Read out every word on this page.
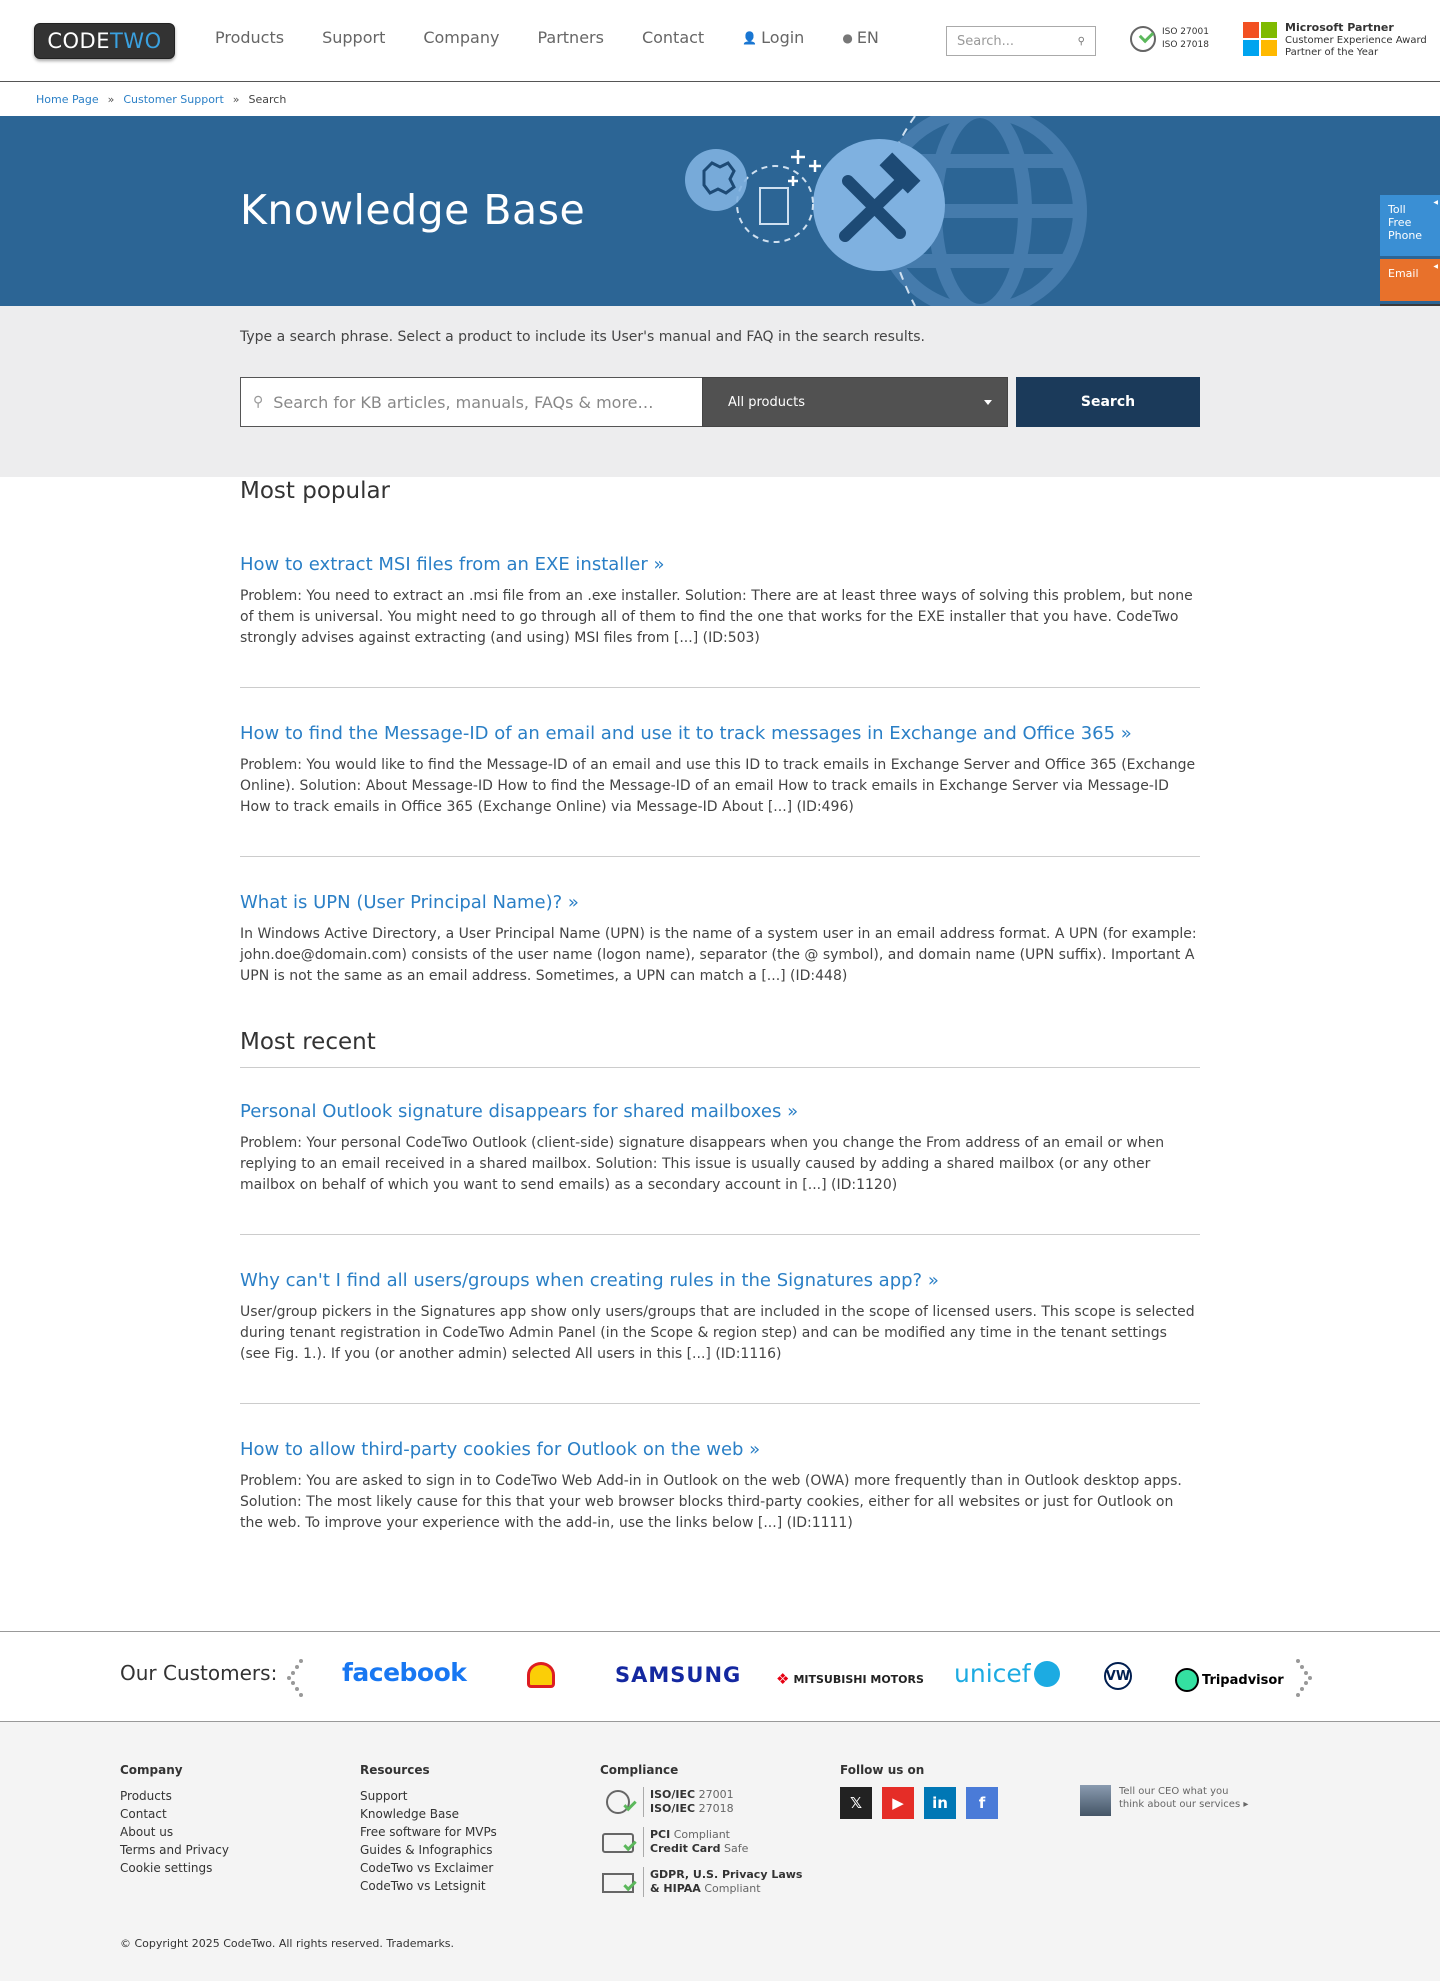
CODE TWO	Products Support Company Partners Contact	👤 Login	● EN	Search...	⚲
ISO 27001
ISO 27018
Microsoft Partner
Customer Experience Award
Partner of the Year
Home Page » Customer Support » Search
Knowledge Base	◀
Toll Free Phone
◀
Email
Type a search phrase. Select a product to include its User's manual and FAQ in the search results.
⚲ Search for KB articles, manuals, FAQs & more…	All products	Search
Most popular
How to extract MSI files from an EXE installer »

Problem: You need to extract an .msi file from an .exe installer. Solution: There are at least three ways of solving this problem, but none of them is universal. You might need to go through all of them to find the one that works for the EXE installer that you have. CodeTwo strongly advises against extracting (and using) MSI files from [...] (ID:503)

How to find the Message-ID of an email and use it to track messages in Exchange and Office 365 »

Problem: You would like to find the Message-ID of an email and use this ID to track emails in Exchange Server and Office 365 (Exchange Online). Solution: About Message-ID How to find the Message-ID of an email How to track emails in Exchange Server via Message-ID How to track emails in Office 365 (Exchange Online) via Message-ID About [...] (ID:496)

What is UPN (User Principal Name)? »

In Windows Active Directory, a User Principal Name (UPN) is the name of a system user in an email address format. A UPN (for example: john.doe@domain.com) consists of the user name (logon name), separator (the @ symbol), and domain name (UPN suffix). Important A UPN is not the same as an email address. Sometimes, a UPN can match a [...] (ID:448)

Most recent
Personal Outlook signature disappears for shared mailboxes »

Problem: Your personal CodeTwo Outlook (client-side) signature disappears when you change the From address of an email or when replying to an email received in a shared mailbox. Solution: This issue is usually caused by adding a shared mailbox (or any other mailbox on behalf of which you want to send emails) as a secondary account in [...] (ID:1120)

Why can't I find all users/groups when creating rules in the Signatures app? »

User/group pickers in the Signatures app show only users/groups that are included in the scope of licensed users. This scope is selected during tenant registration in CodeTwo Admin Panel (in the Scope & region step) and can be modified any time in the tenant settings (see Fig. 1.). If you (or another admin) selected All users in this [...] (ID:1116)

How to allow third-party cookies for Outlook on the web »

Problem: You are asked to sign in to CodeTwo Web Add-in in Outlook on the web (OWA) more frequently than in Outlook desktop apps. Solution: The most likely cause for this that your web browser blocks third-party cookies, either for all websites or just for Outlook on the web. To improve your experience with the add-in, use the links below [...] (ID:1111)

Our Customers:	facebook	SAMSUNG ❖ MITSUBISHI MOTORS unicef	VW	Tripadvisor
Company
Products
Contact
About us
Terms and Privacy
Cookie settings
Resources
Support
Knowledge Base
Free software for MVPs
Guides & Infographics
CodeTwo vs Exclaimer
CodeTwo vs Letsignit
Compliance
ISO/IEC 27001
ISO/IEC 27018
PCI Compliant
Credit Card Safe
GDPR, U.S. Privacy Laws
& HIPAA Compliant
Follow us on
𝕏	▶	in	f
Tell our CEO what you
think about our services ▸
© Copyright 2025 CodeTwo. All rights reserved. Trademarks.
